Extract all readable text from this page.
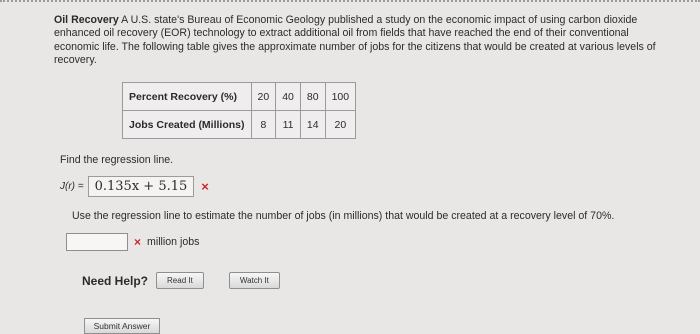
Oil Recovery A U.S. state's Bureau of Economic Geology published a study on the economic impact of using carbon dioxide enhanced oil recovery (EOR) technology to extract additional oil from fields that have reached the end of their conventional economic life. The following table gives the approximate number of jobs for the citizens that would be created at various levels of recovery.
Percent Recovery (%)	20	40	80	100
Jobs Created (Millions)	8	11	14	20
Find the regression line.
J(r) = 0.135x + 5.15	×
Use the regression line to estimate the number of jobs (in millions) that would be created at a recovery level of 70%.
× million jobs
Need Help?	Read It	Watch It
Submit Answer
